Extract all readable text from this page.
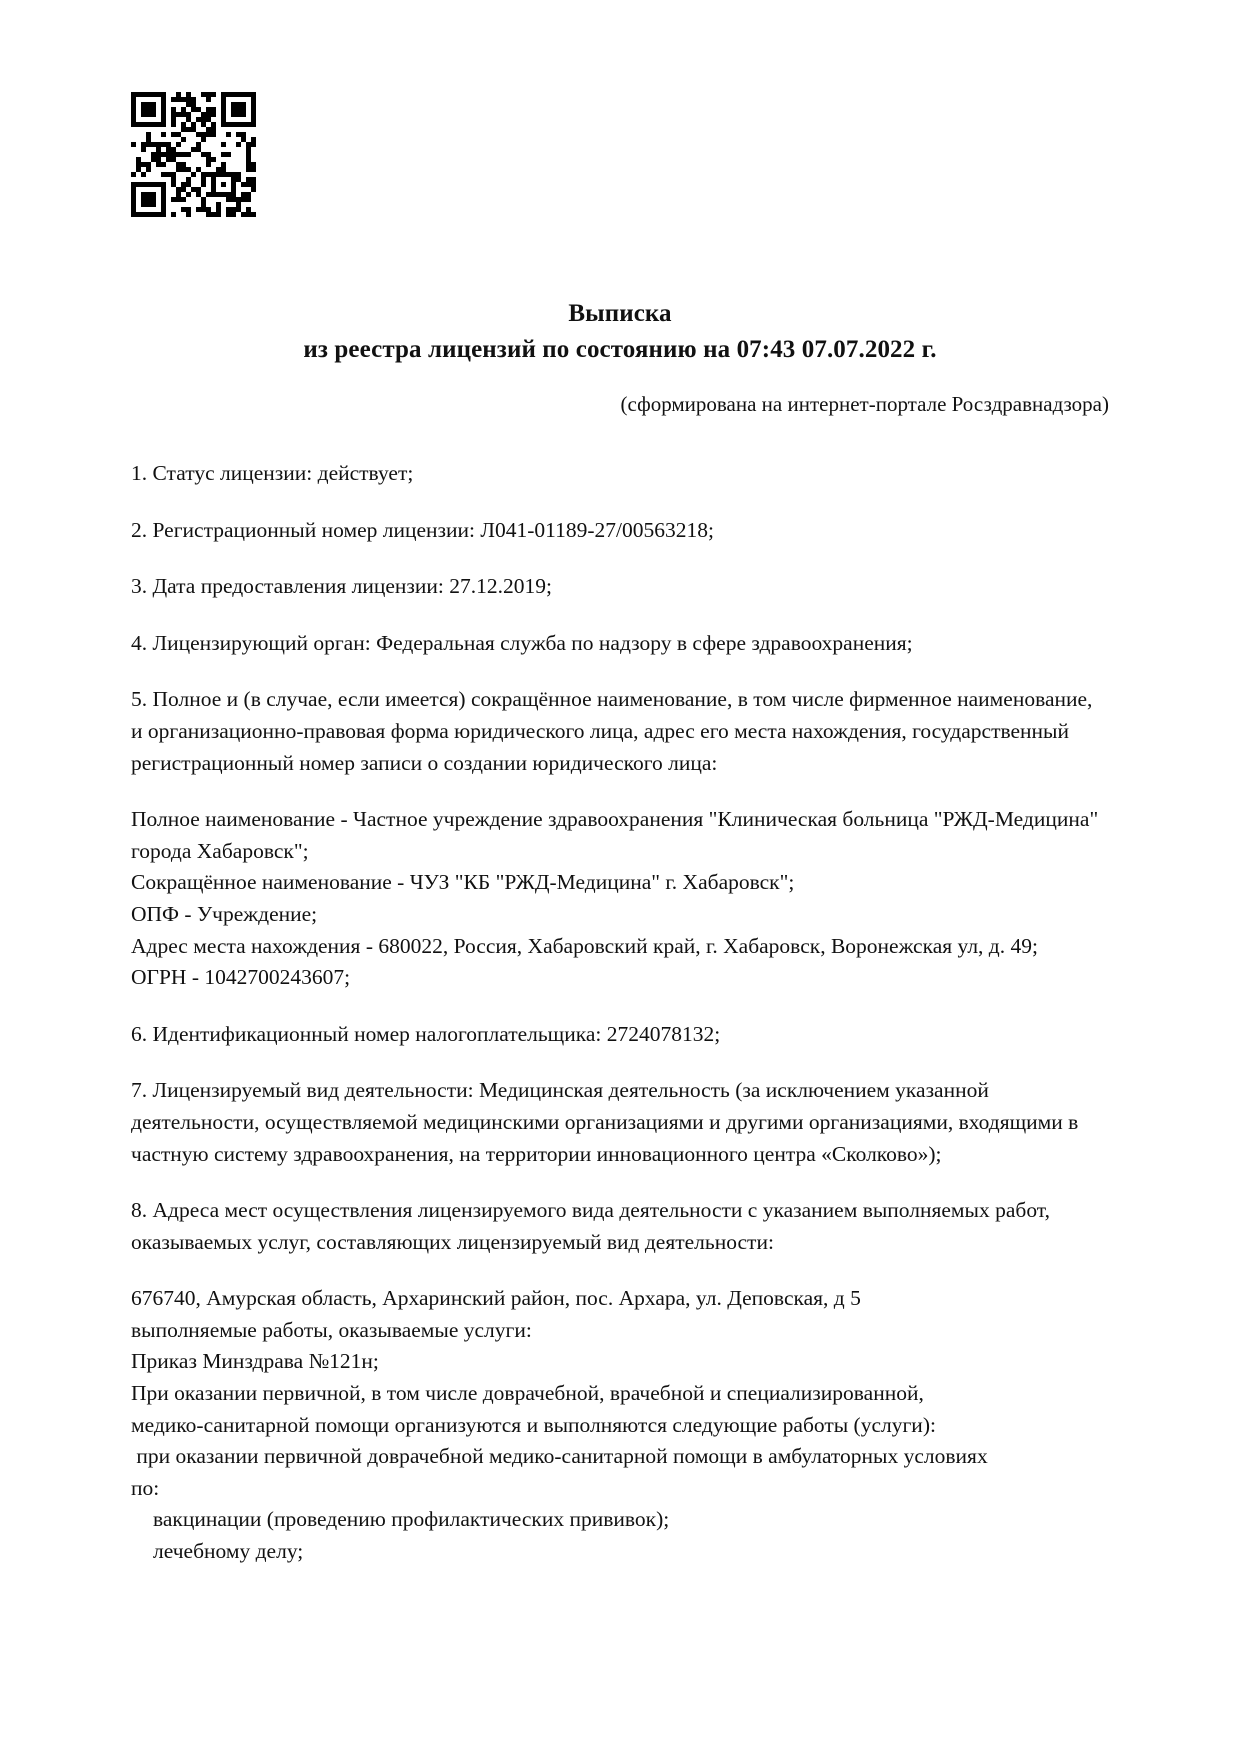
Выписка
из реестра лицензий по состоянию на 07:43 07.07.2022 г.
(сформирована на интернет-портале Росздравнадзора)

1. Статус лицензии: действует;

2. Регистрационный номер лицензии: Л041-01189-27/00563218;

3. Дата предоставления лицензии: 27.12.2019;

4. Лицензирующий орган: Федеральная служба по надзору в сфере здравоохранения;

5. Полное и (в случае, если имеется) сокращённое наименование, в том числе фирменное наименование, и организационно-правовая форма юридического лица, адрес его места нахождения, государственный регистрационный номер записи о создании юридического лица:

Полное наименование - Частное учреждение здравоохранения "Клиническая больница "РЖД-Медицина" города Хабаровск";
Сокращённое наименование - ЧУЗ "КБ "РЖД-Медицина" г. Хабаровск";
ОПФ - Учреждение;
Адрес места нахождения - 680022, Россия, Хабаровский край, г. Хабаровск, Воронежская ул, д. 49;
ОГРН - 1042700243607;

6. Идентификационный номер налогоплательщика: 2724078132;

7. Лицензируемый вид деятельности: Медицинская деятельность (за исключением указанной деятельности, осуществляемой медицинскими организациями и другими организациями, входящими в частную систему здравоохранения, на территории инновационного центра «Сколково»);

8. Адреса мест осуществления лицензируемого вида деятельности с указанием выполняемых работ, оказываемых услуг, составляющих лицензируемый вид деятельности:

676740, Амурская область, Архаринский район, пос. Архара, ул. Деповская, д 5
выполняемые работы, оказываемые услуги:
Приказ Минздрава №121н;
При оказании первичной, в том числе доврачебной, врачебной и специализированной,
медико-санитарной помощи организуются и выполняются следующие работы (услуги):
при оказании первичной доврачебной медико-санитарной помощи в амбулаторных условиях
по:
вакцинации (проведению профилактических прививок);
лечебному делу;
